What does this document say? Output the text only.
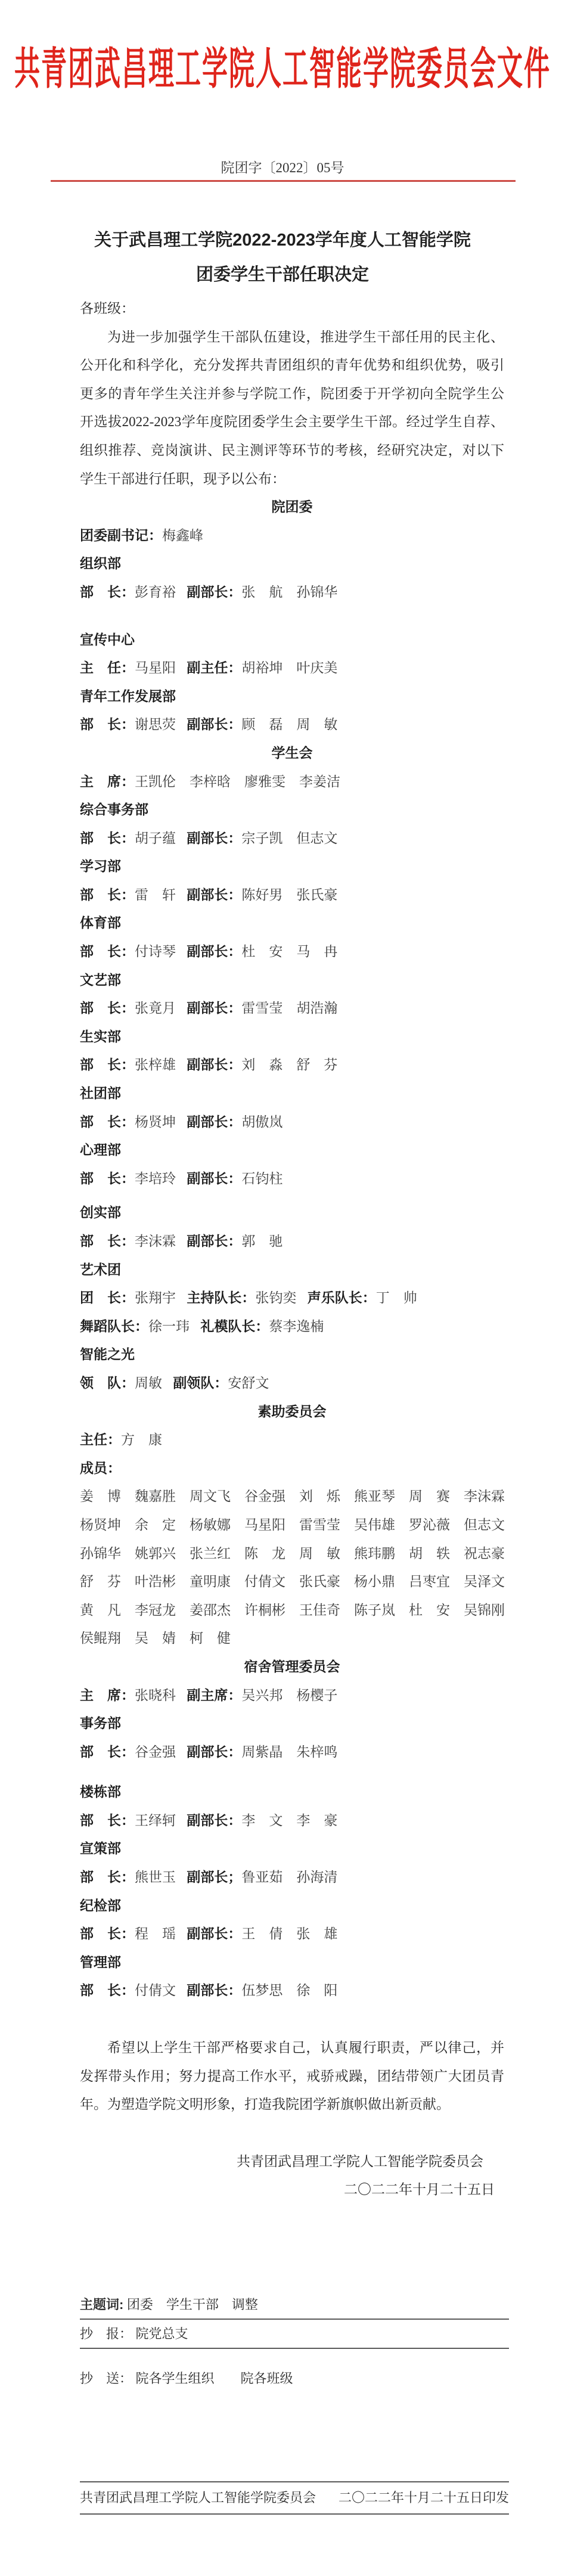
共青团武昌理工学院人工智能学院委员会文件
院团字〔2022〕05号
关于武昌理工学院2022-2023学年度人工智能学院
团委学生干部任职决定
各班级：

为进一步加强学生干部队伍建设，推进学生干部任用的民主化、公开化和科学化，充分发挥共青团组织的青年优势和组织优势，吸引更多的青年学生关注并参与学院工作，院团委于开学初向全院学生公开选拔2022-2023学年度院团委学生会主要学生干部。经过学生自荐、组织推荐、竞岗演讲、民主测评等环节的考核，经研究决定，对以下学生干部进行任职，现予以公布：

院团委
团委副书记：梅鑫峰
组织部
部　长：彭育裕 副部长：张　航　孙锦华
宣传中心
主　任：马星阳 副主任：胡裕坤　叶庆美
青年工作发展部
部　长：谢思荧 副部长：顾　磊　周　敏
学生会
主　席：王凯伦　李梓晗　廖雅雯　李姜洁
综合事务部
部　长：胡子蕴 副部长：宗子凯　但志文
学习部
部　长：雷　轩 副部长：陈好男　张氏豪
体育部
部　长：付诗琴 副部长：杜　安　马　冉
文艺部
部　长：张竟月 副部长：雷雪莹　胡浩瀚
生实部
部　长：张梓雄 副部长：刘　淼　舒　芬
社团部
部　长：杨贤坤 副部长：胡傲岚
心理部
部　长：李培玲 副部长：石钧柱
创实部
部　长：李沫霖 副部长：郭　驰
艺术团
团　长：张翔宇 主持队长：张钧奕 声乐队长：丁　帅
舞蹈队长：徐一玮 礼模队长：蔡李逸楠
智能之光
领　队：周敏 副领队：安舒文
素助委员会
主任：方　康
成员：
姜　博　魏嘉胜　周文飞　谷金强　刘　烁　熊亚琴　周　赛　李沫霖
杨贤坤　余　定　杨敏娜　马星阳　雷雪莹　吴伟雄　罗沁薇　但志文
孙锦华　姚郭兴　张兰红　陈　龙　周　敏　熊玮鹏　胡　轶　祝志豪
舒　芬　叶浩彬　童明康　付倩文　张氏豪　杨小鼎　吕枣宜　吴泽文
黄　凡　李冠龙　姜邵杰　许桐彬　王佳奇　陈子岚　杜　安　吴锦刚
侯鲲翔　吴　婧　柯　健
宿舍管理委员会
主　席：张晓科 副主席：吴兴邦　杨樱子
事务部
部　长：谷金强 副部长：周紫晶　朱梓鸣
楼栋部
部　长：王绎轲 副部长：李　文　李　豪
宣策部
部　长：熊世玉 副部长；鲁亚茹　孙海清
纪检部
部　长：程　瑶 副部长：王　倩　张　雄
管理部
部　长：付倩文 副部长：伍梦思　徐　阳

希望以上学生干部严格要求自己，认真履行职责，严以律己，并发挥带头作用；努力提高工作水平，戒骄戒躁，团结带领广大团员青年。为塑造学院文明形象，打造我院团学新旗帜做出新贡献。

共青团武昌理工学院人工智能学院委员会
二〇二二年十月二十五日
主题词: 团委　学生干部　调整
抄　报： 院党总支
抄　送： 院各学生组织　　院各班级
共青团武昌理工学院人工智能学院委员会 二〇二二年十月二十五日印发
